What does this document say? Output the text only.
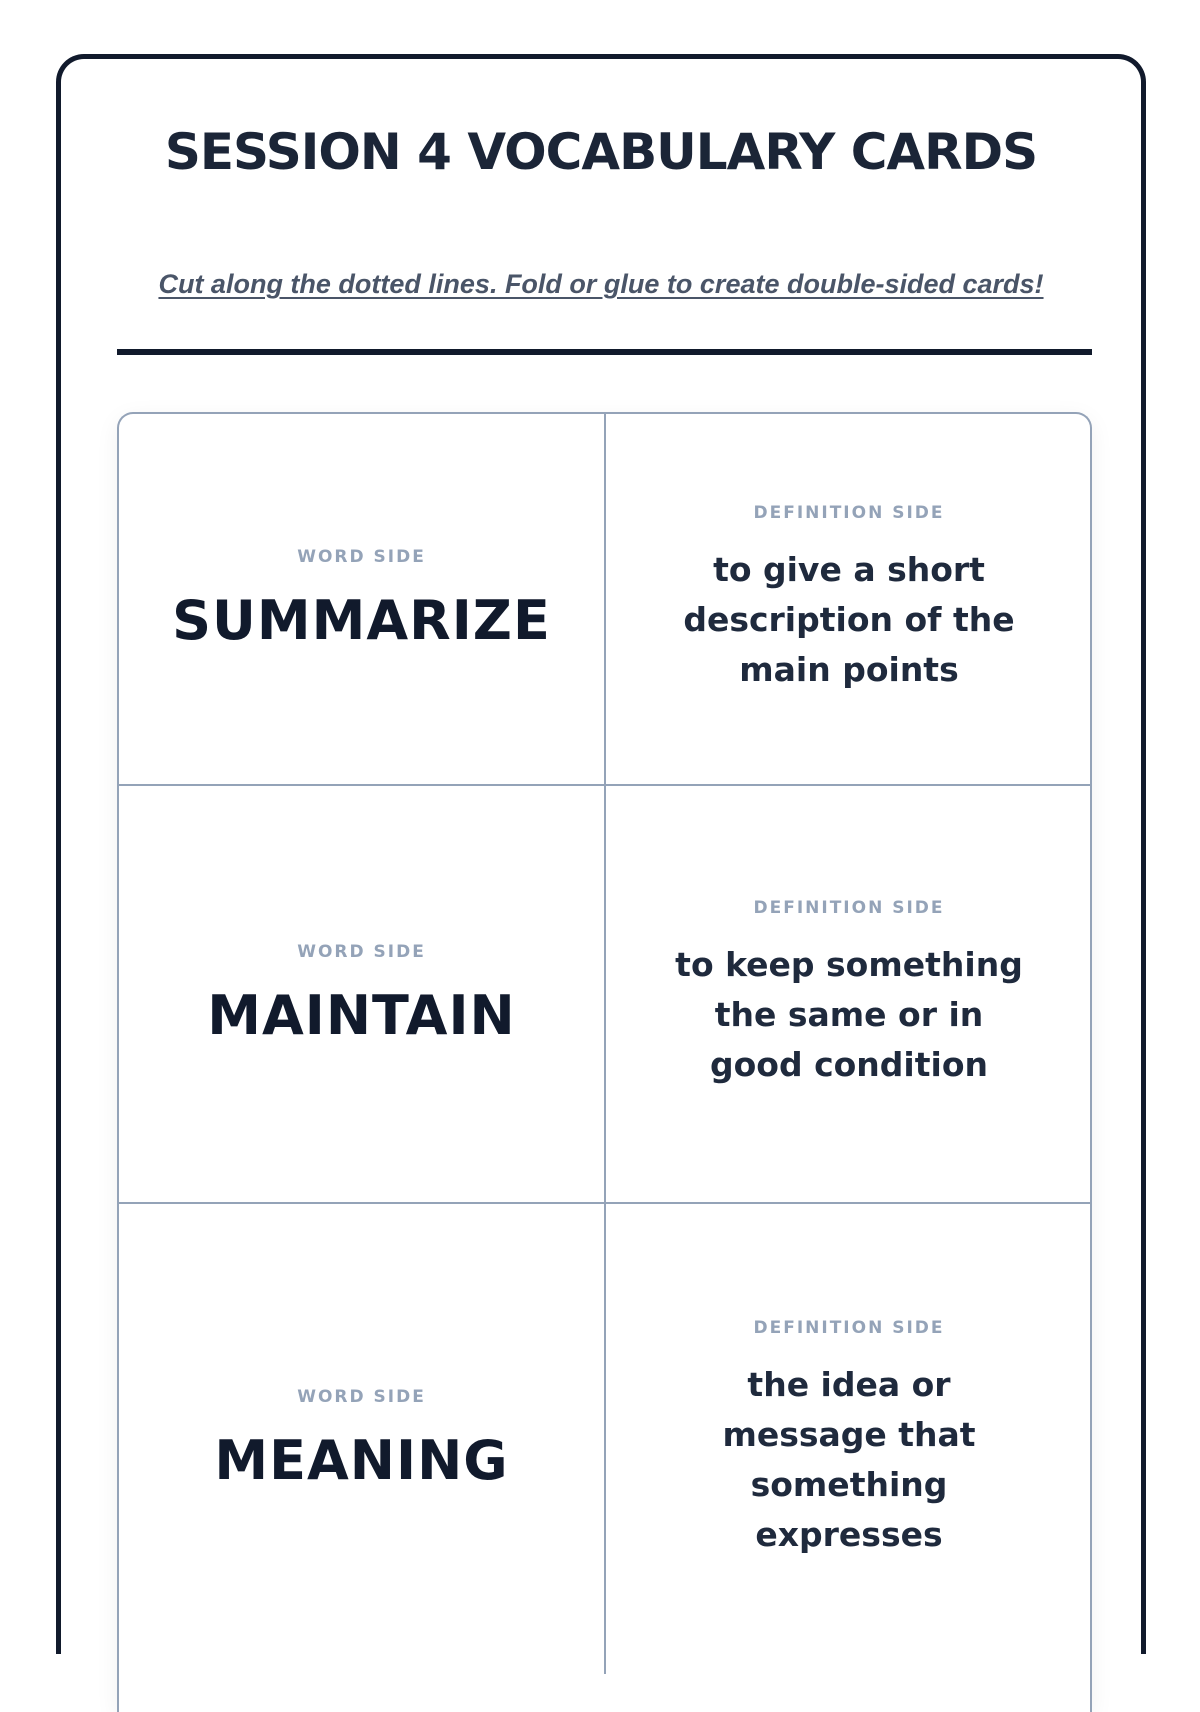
SESSION 4 VOCABULARY CARDS

Cut along the dotted lines. Fold or glue to create double-sided cards!

WORD SIDE
SUMMARIZE
DEFINITION SIDE
to give a short description of the main points
WORD SIDE
MAINTAIN
DEFINITION SIDE
to keep something the same or in good condition
WORD SIDE
MEANING
DEFINITION SIDE
the idea or message that something expresses
